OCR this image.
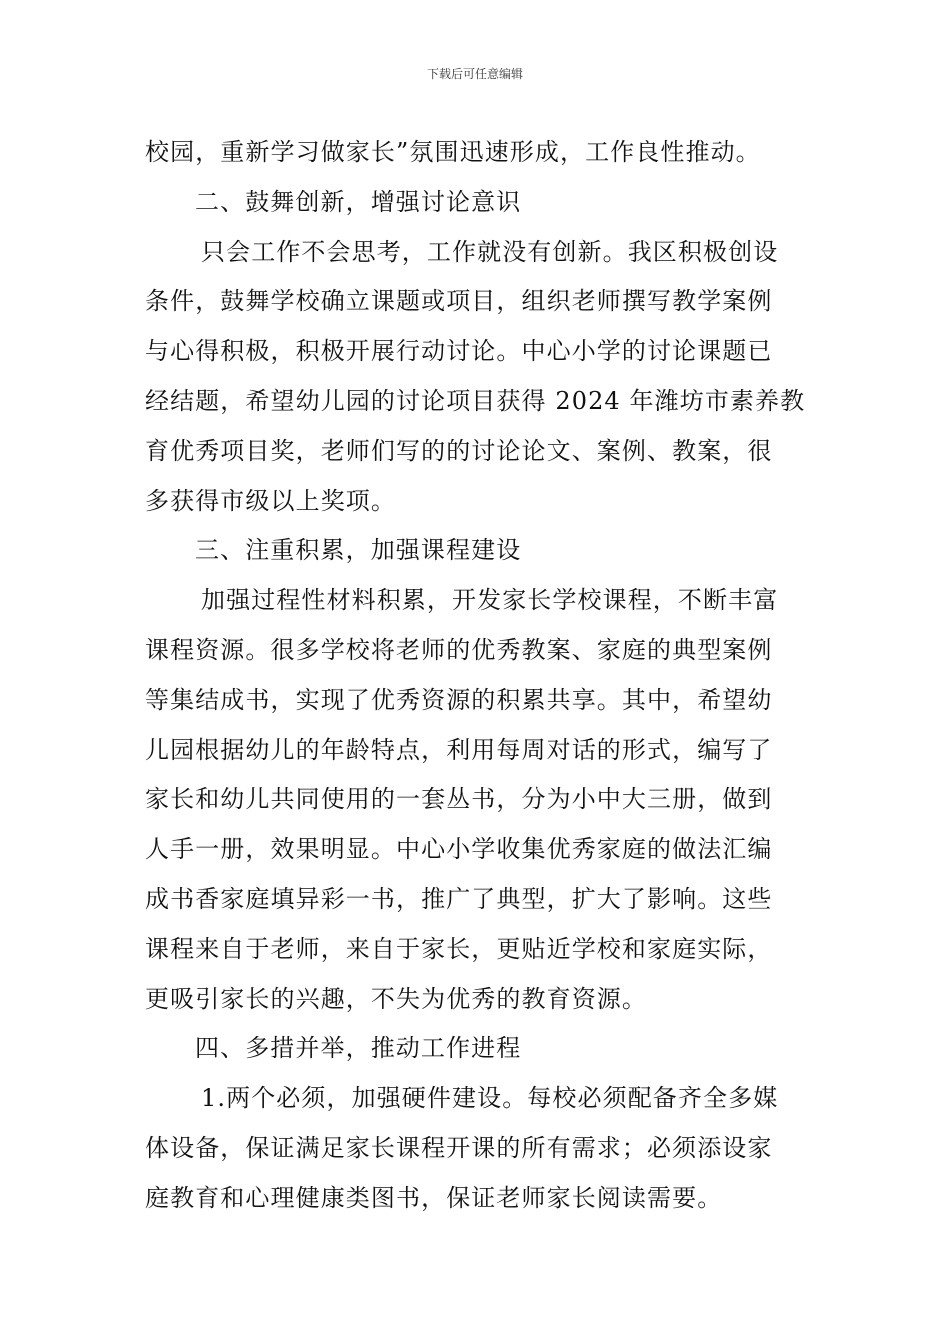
下载后可任意编辑
校园，重新学习做家长”氛围迅速形成，工作良性推动。
二、鼓舞创新，增强讨论意识
只会工作不会思考，工作就没有创新。我区积极创设
条件，鼓舞学校确立课题或项目，组织老师撰写教学案例
与心得积极，积极开展行动讨论。中心小学的讨论课题已
经结题，希望幼儿园的讨论项目获得 2024 年潍坊市素养教
育优秀项目奖，老师们写的的讨论论文、案例、教案，很
多获得市级以上奖项。
三、注重积累，加强课程建设
加强过程性材料积累，开发家长学校课程，不断丰富
课程资源。很多学校将老师的优秀教案、家庭的典型案例
等集结成书，实现了优秀资源的积累共享。其中，希望幼
儿园根据幼儿的年龄特点，利用每周对话的形式，编写了
家长和幼儿共同使用的一套丛书，分为小中大三册，做到
人手一册，效果明显。中心小学收集优秀家庭的做法汇编
成书香家庭填异彩一书，推广了典型，扩大了影响。这些
课程来自于老师，来自于家长，更贴近学校和家庭实际，
更吸引家长的兴趣，不失为优秀的教育资源。
四、多措并举，推动工作进程
1.两个必须，加强硬件建设。每校必须配备齐全多媒
体设备，保证满足家长课程开课的所有需求；必须添设家
庭教育和心理健康类图书，保证老师家长阅读需要。
